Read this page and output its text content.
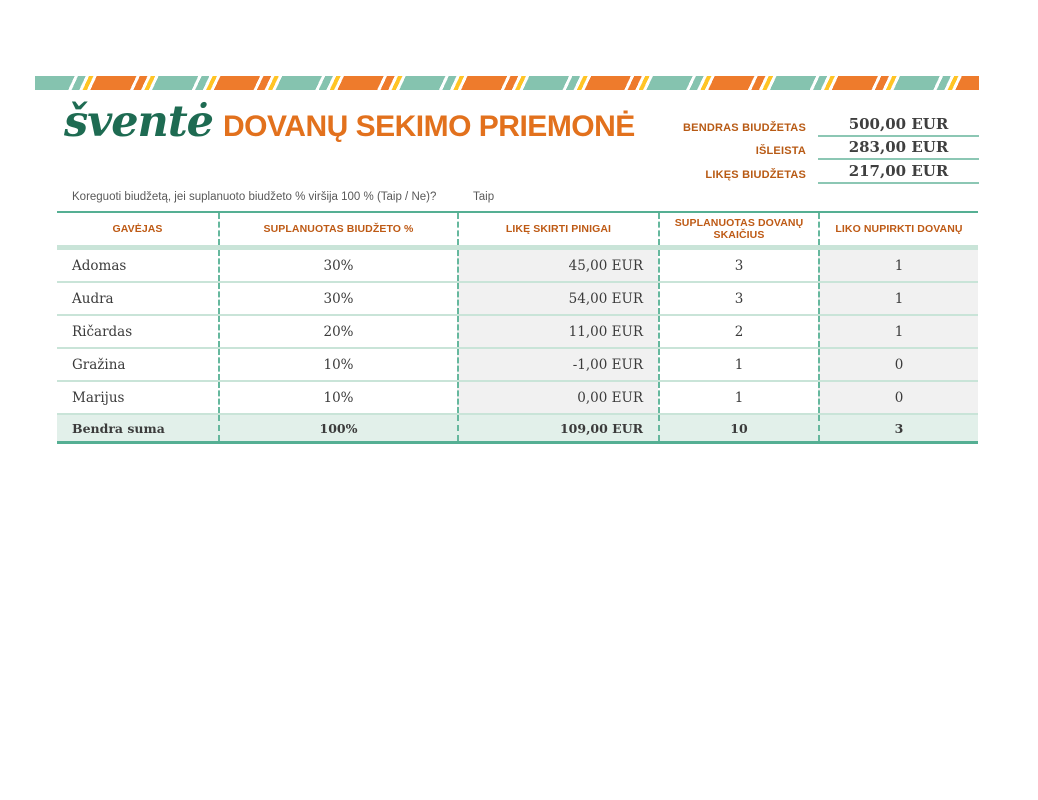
šventė DOVANŲ SEKIMO PRIEMONĖ	BENDRAS BIUDŽETAS	500,00 EUR
IŠLEISTA	283,00 EUR
LIKĘS BIUDŽETAS	217,00 EUR
Koreguoti biudžetą, jei suplanuoto biudžeto % viršija 100 % (Taip / Ne)?	Taip
GAVĖJAS	SUPLANUOTAS BIUDŽETO %	LIKĘ SKIRTI PINIGAI	SUPLANUOTAS DOVANŲ SKAIČIUS	LIKO NUPIRKTI DOVANŲ
Adomas	30%	45,00 EUR	3	1
Audra	30%	54,00 EUR	3	1
Ričardas	20%	11,00 EUR	2	1
Gražina	10%	-1,00 EUR	1	0
Marijus	10%	0,00 EUR	1	0
Bendra suma	100%	109,00 EUR	10	3
